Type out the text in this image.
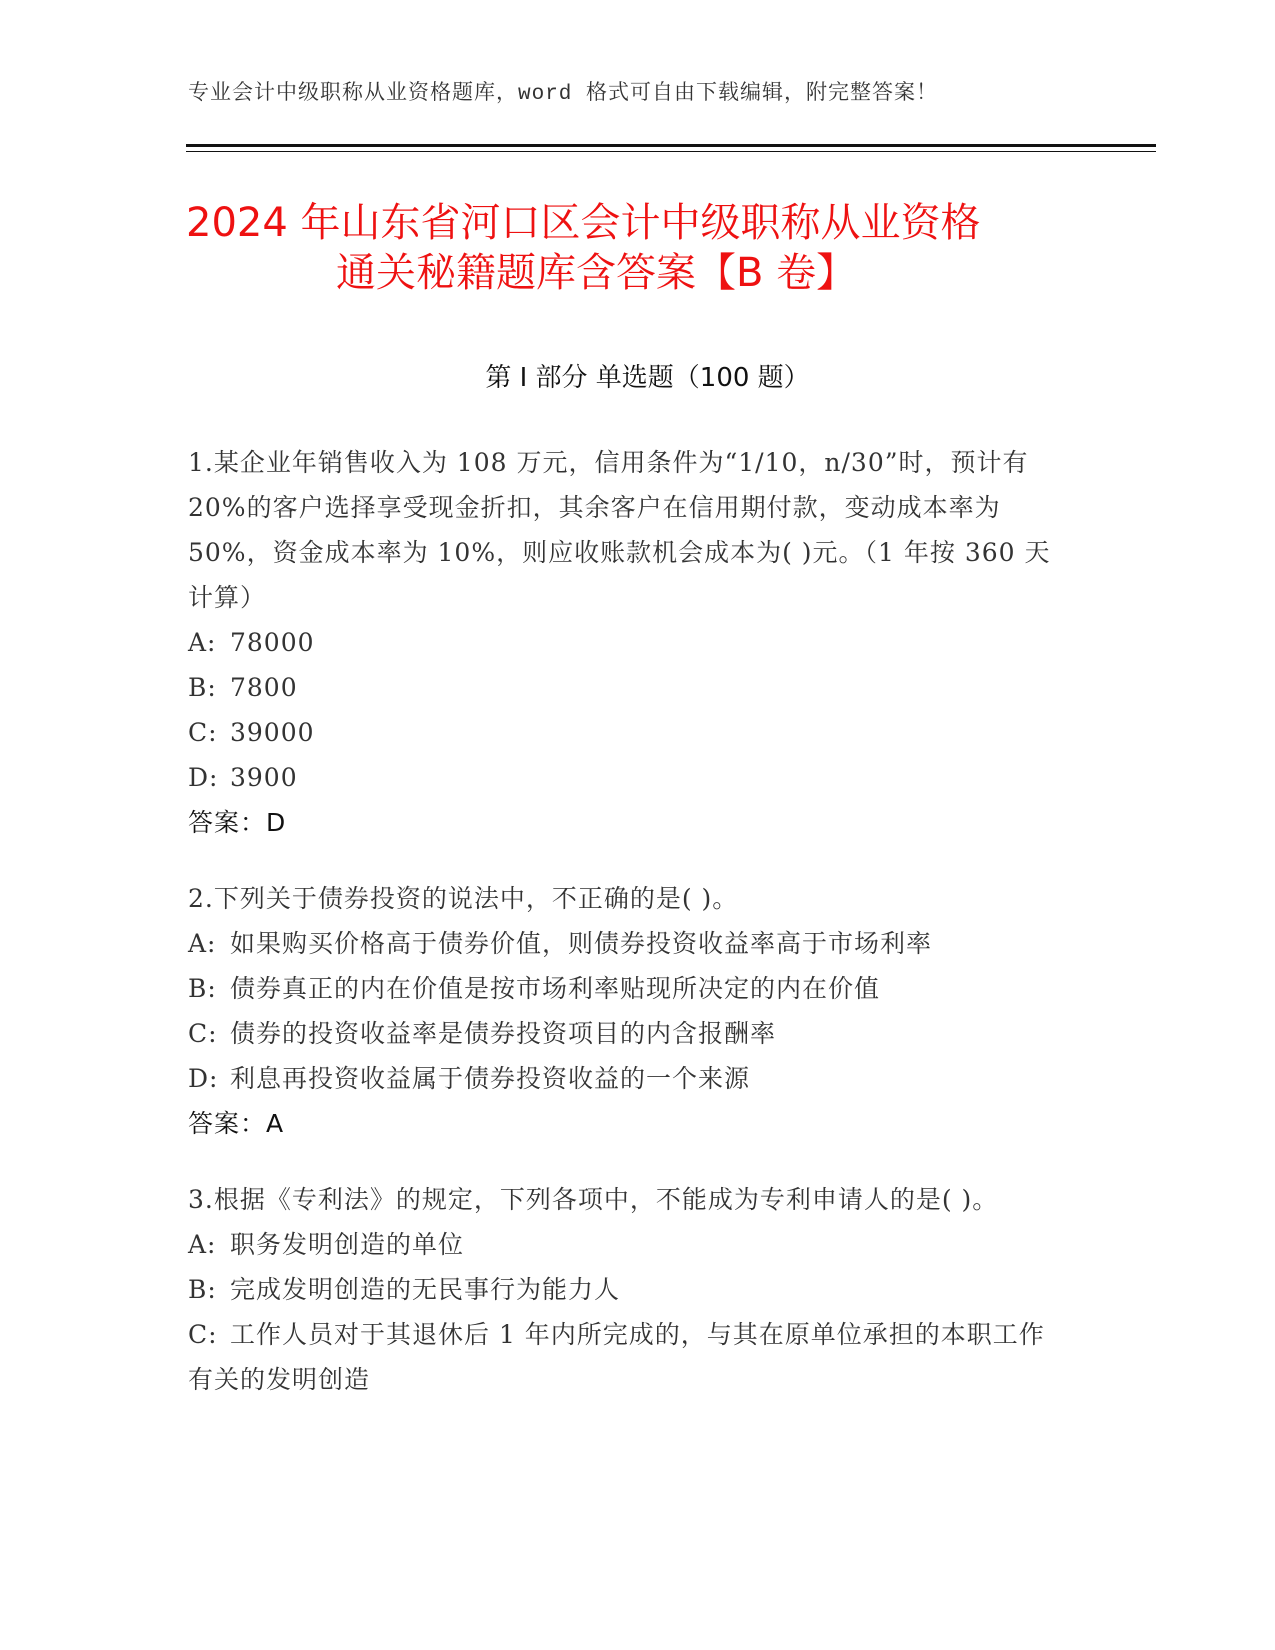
专业会计中级职称从业资格题库，word 格式可自由下载编辑，附完整答案！
2024 年山东省河口区会计中级职称从业资格
通关秘籍题库含答案【B 卷】
第 I 部分 单选题（100 题）

1.某企业年销售收入为 108 万元，信用条件为“1/10，n/30”时，预计有 20%的客户选择享受现金折扣，其余客户在信用期付款，变动成本率为 50%，资金成本率为 10%，则应收账款机会成本为( )元。（1 年按 360 天计算）

A: 78000

B: 7800

C: 39000

D: 3900

答案：D

2.下列关于债券投资的说法中，不正确的是( )。

A: 如果购买价格高于债券价值，则债券投资收益率高于市场利率

B: 债券真正的内在价值是按市场利率贴现所决定的内在价值

C: 债券的投资收益率是债券投资项目的内含报酬率

D: 利息再投资收益属于债券投资收益的一个来源

答案：A

3.根据《专利法》的规定，下列各项中，不能成为专利申请人的是( )。

A: 职务发明创造的单位

B: 完成发明创造的无民事行为能力人

C: 工作人员对于其退休后 1 年内所完成的，与其在原单位承担的本职工作有关的发明创造
